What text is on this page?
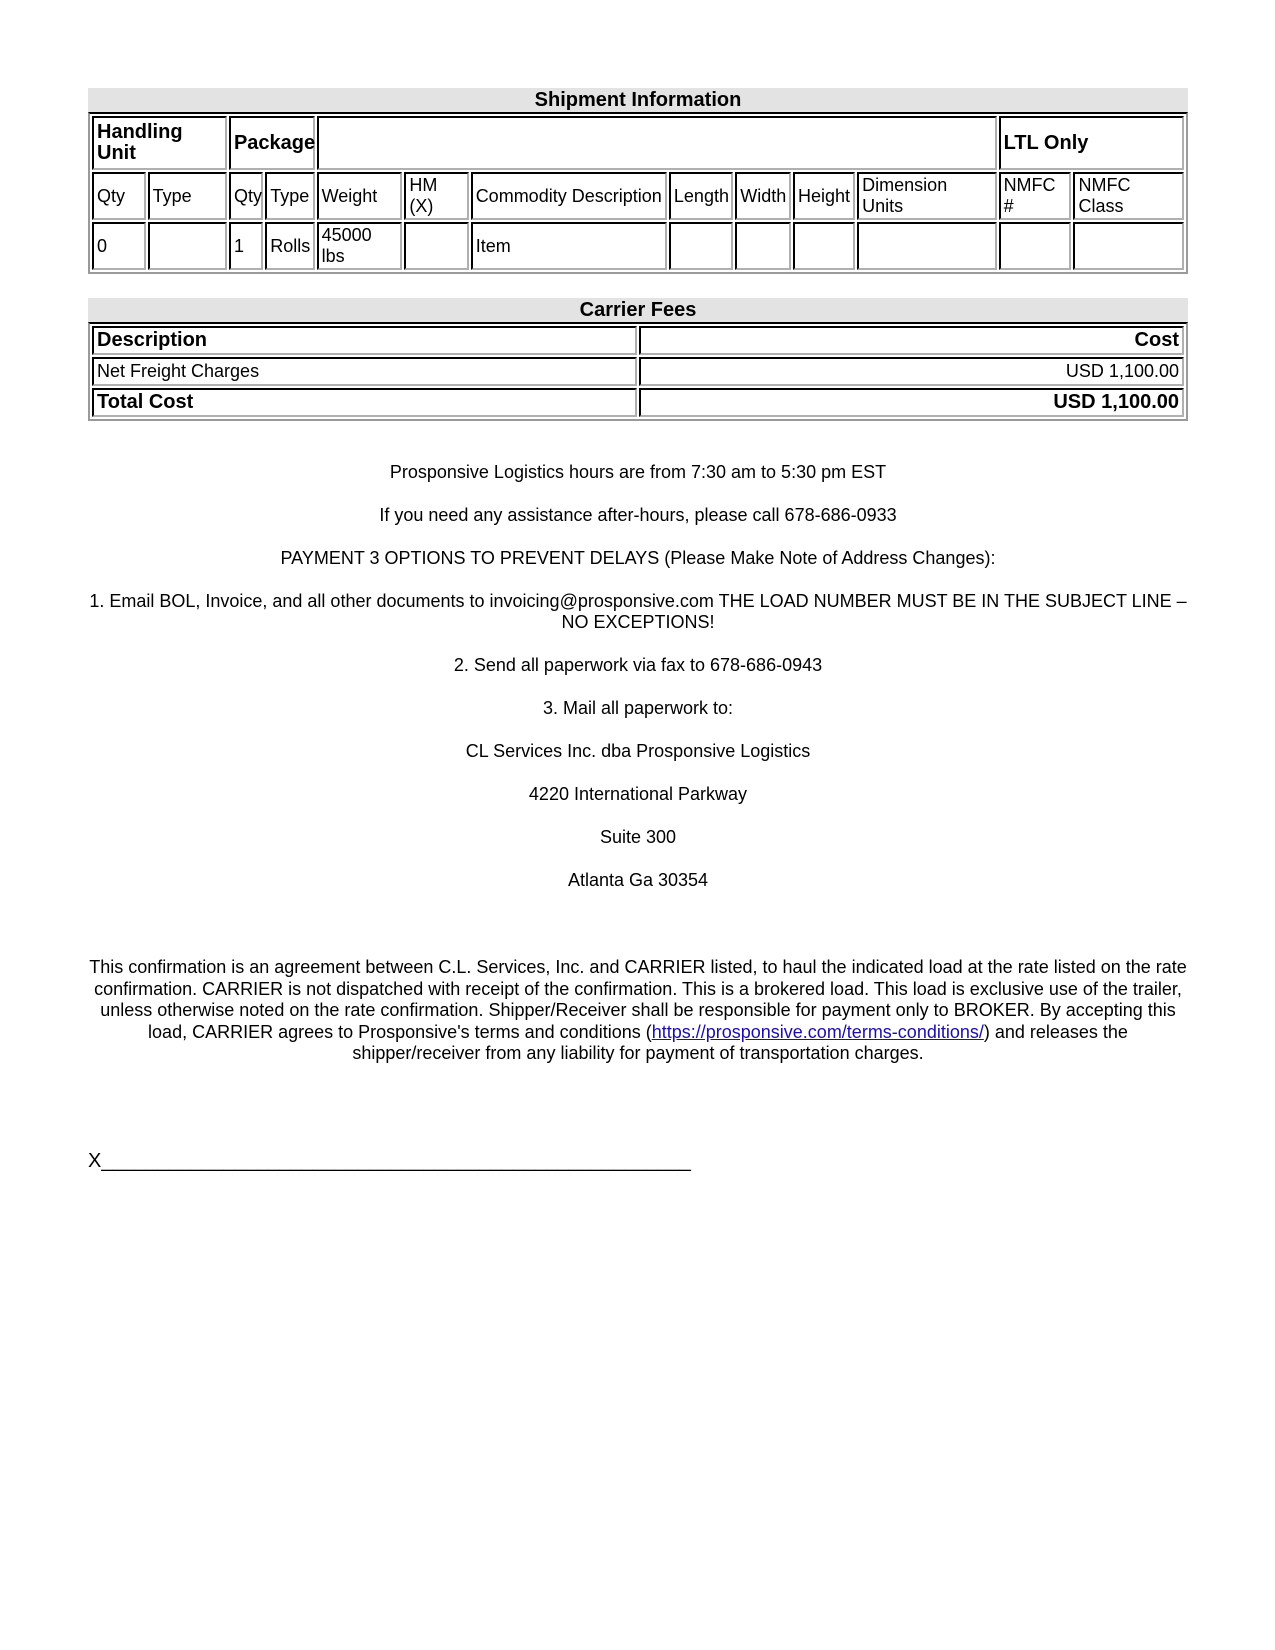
Shipment Information
Handling Unit		Package									LTL Only	
Qty	Type	Qty	Type	Weight	HM (X)	Commodity Description	Length	Width	Height	Dimension Units	NMFC #	NMFC Class
0		1	Rolls	45000 lbs		Item						
Carrier Fees
Description	Cost
Net Freight Charges	USD 1,100.00
Total Cost	USD 1,100.00

Prosponsive Logistics hours are from 7:30 am to 5:30 pm EST

If you need any assistance after-hours, please call 678-686-0933

PAYMENT 3 OPTIONS TO PREVENT DELAYS (Please Make Note of Address Changes):

1. Email BOL, Invoice, and all other documents to invoicing@prosponsive.com THE LOAD NUMBER MUST BE IN THE SUBJECT LINE – NO EXCEPTIONS!

2. Send all paperwork via fax to 678-686-0943

3. Mail all paperwork to:

CL Services Inc. dba Prosponsive Logistics

4220 International Parkway

Suite 300

Atlanta Ga 30354

This confirmation is an agreement between C.L. Services, Inc. and CARRIER listed, to haul the indicated load at the rate listed on the rate confirmation. CARRIER is not dispatched with receipt of the confirmation. This is a brokered load. This load is exclusive use of the trailer, unless otherwise noted on the rate confirmation. Shipper/Receiver shall be responsible for payment only to BROKER. By accepting this load, CARRIER agrees to Prosponsive's terms and conditions (https://prosponsive.com/terms-conditions/) and releases the shipper/receiver from any liability for payment of transportation charges.
X_____________________________________________________
